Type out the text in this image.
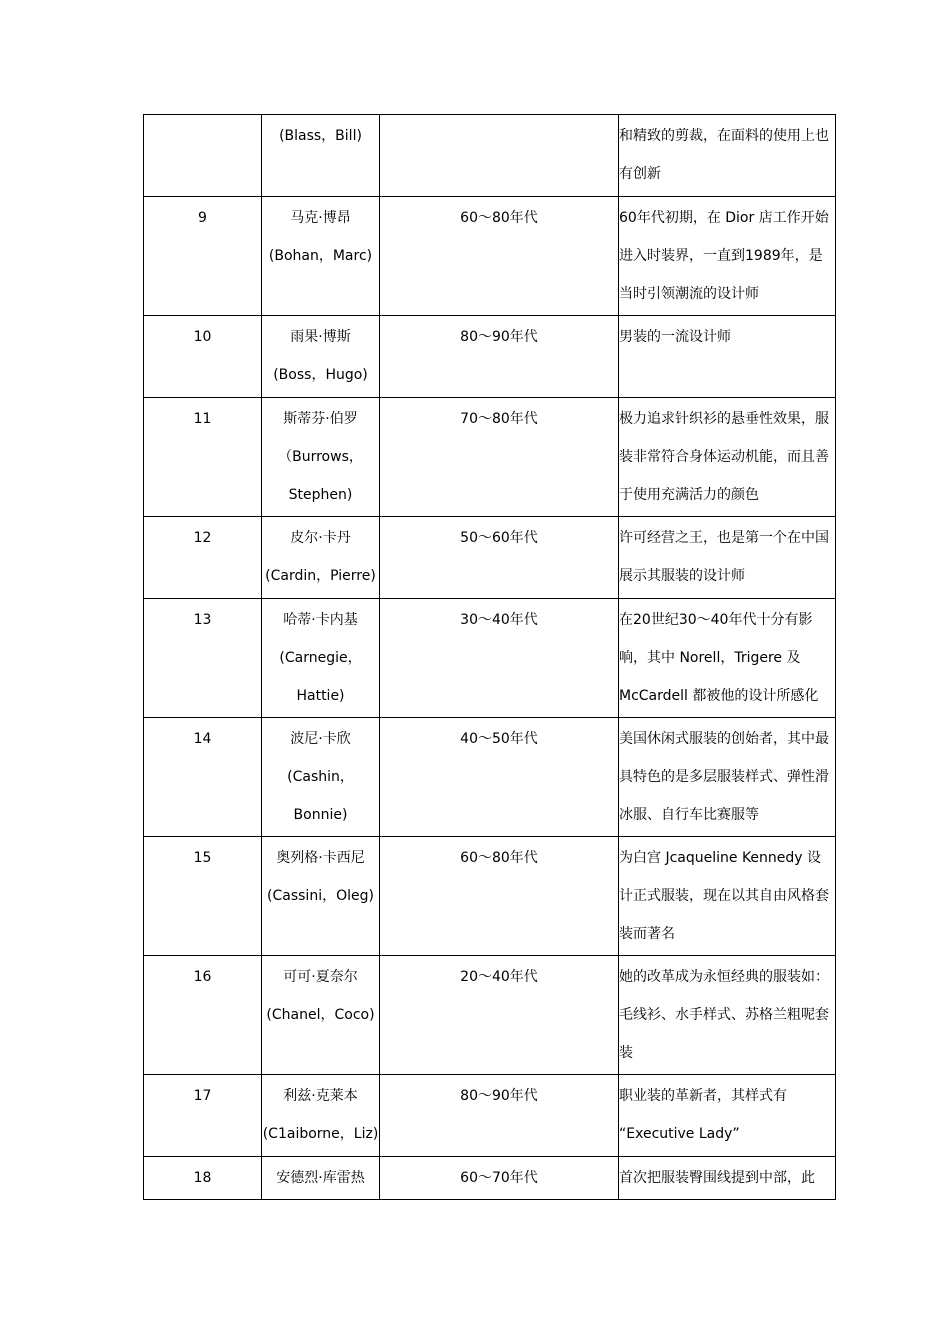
	(Blass，Bill)		和精致的剪裁，在面料的使用上也
有创新

9	马克·博昂
(Bohan，Marc)	60～80年代	60年代初期，在 Dior 店工作开始
进入时装界，一直到1989年，是
当时引领潮流的设计师

10	雨果·博斯
(Boss，Hugo)	80～90年代	男装的一流设计师

11	斯蒂芬·伯罗
（Burrows，
Stephen)	70～80年代	极力追求针织衫的悬垂性效果，服
装非常符合身体运动机能，而且善
于使用充满活力的颜色

12	皮尔·卡丹
(Cardin，Pierre)	50～60年代	许可经营之王，也是第一个在中国
展示其服装的设计师

13	哈蒂·卡内基
(Carnegie，
Hattie)	30～40年代	在20世纪30～40年代十分有影
响，其中 Norell，Trigere 及
McCardell 都被他的设计所感化

14	波尼·卡欣
(Cashin，
Bonnie)	40～50年代	美国休闲式服装的创始者，其中最
具特色的是多层服装样式、弹性滑
冰服、自行车比赛服等

15	奥列格·卡西尼
(Cassini，Oleg)	60～80年代	为白宫 Jcaqueline Kennedy 设
计正式服装，现在以其自由风格套
装而著名

16	可可·夏奈尔
(Chanel，Coco)	20～40年代	她的改革成为永恒经典的服装如：
毛线衫、水手样式、苏格兰粗呢套
装

17	利兹·克莱本
(C1aiborne，Liz)	80～90年代	职业装的革新者，其样式有
“Executive Lady”

18	安德烈·库雷热	60～70年代	首次把服装臀围线提到中部，此
